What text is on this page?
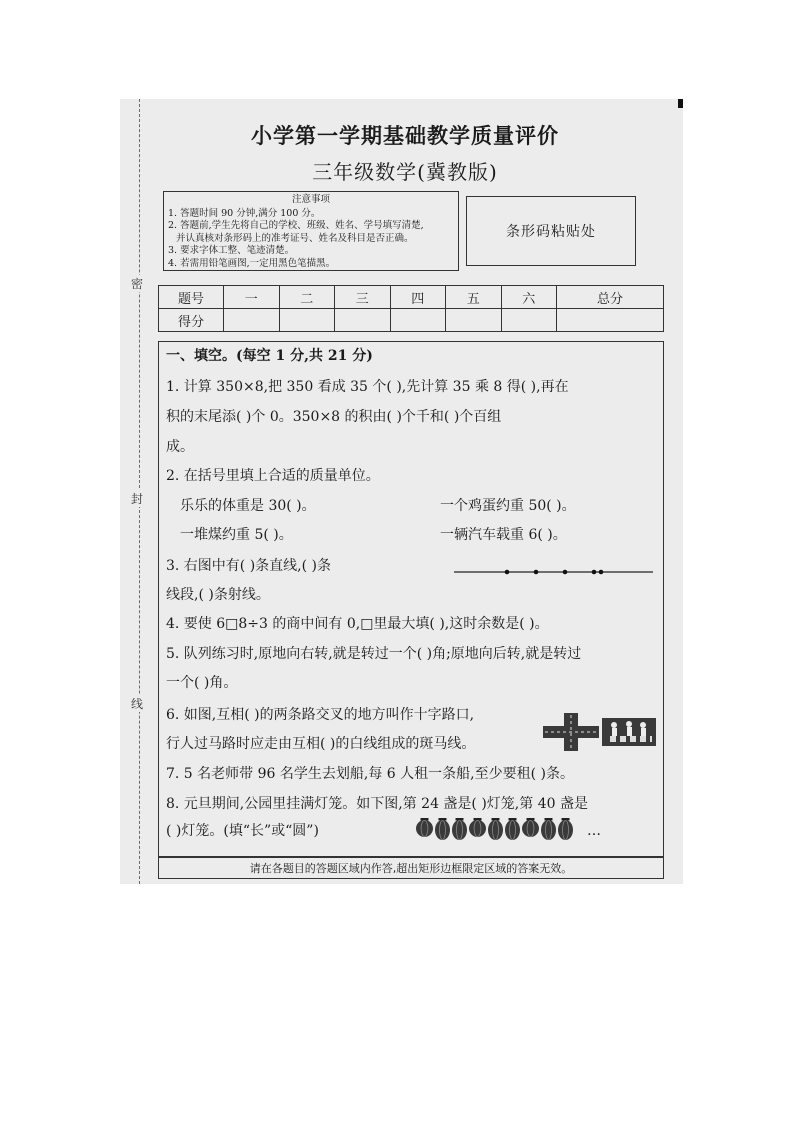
密
封
线
小学第一学期基础教学质量评价
三年级数学(冀教版)
注意事项
1. 答题时间 90 分钟,满分 100 分。
2. 答题前,学生先将自己的学校、班级、姓名、学号填写清楚,
并认真核对条形码上的准考证号、姓名及科目是否正确。
3. 要求字体工整、笔迹清楚。
4. 若需用铅笔画图,一定用黑色笔描黑。
条形码粘贴处
题号	一	二	三	四	五	六	总分
得分							
一、填空。(每空 1 分,共 21 分)
1. 计算 350×8,把 350 看成 35 个( ),先计算 35 乘 8 得( ),再在
积的末尾添( )个 0。350×8 的积由( )个千和( )个百组
成。
2. 在括号里填上合适的质量单位。
乐乐的体重是 30( )。	一个鸡蛋约重 50( )。
一堆煤约重 5( )。	一辆汽车载重 6( )。
3. 右图中有( )条直线,( )条
线段,( )条射线。
4. 要使 6□8÷3 的商中间有 0,□里最大填( ),这时余数是( )。
5. 队列练习时,原地向右转,就是转过一个( )角;原地向后转,就是转过
一个( )角。
6. 如图,互相( )的两条路交叉的地方叫作十字路口,
行人过马路时应走由互相( )的白线组成的斑马线。
7. 5 名老师带 96 名学生去划船,每 6 人租一条船,至少要租( )条。
8. 元旦期间,公园里挂满灯笼。如下图,第 24 盏是( )灯笼,第 40 盏是
( )灯笼。(填“长”或“圆”)	…
请在各题目的答题区域内作答,超出矩形边框限定区域的答案无效。
